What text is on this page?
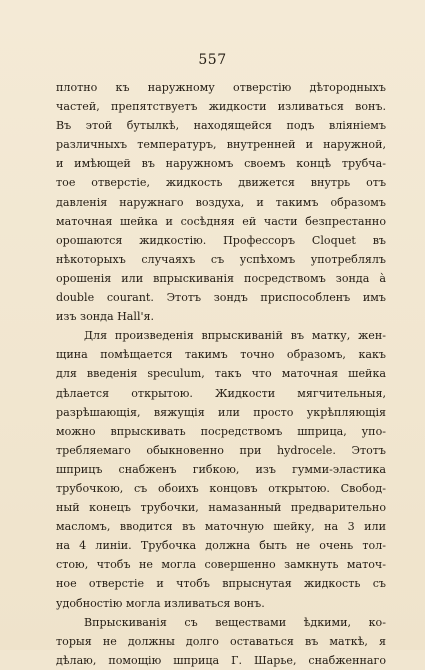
557
плотно къ наружному отверстію дѣтородныхъ
частей, препятствуетъ жидкости изливаться вонъ.
Въ этой бутылкѣ, находящейся подъ вліяніемъ
различныхъ температуръ, внутренней и наружной,
и имѣющей въ наружномъ своемъ концѣ трубча-
тое отверстіе, жидкость движется внутрь отъ
давленія наружнаго воздуха, и такимъ образомъ
маточная шейка и сосѣдняя ей части безпрестанно
орошаются жидкостію. Профессоръ Cloquet въ
нѣкоторыхъ случаяхъ съ успѣхомъ употреблялъ
орошенія или впрыскиванія посредствомъ зонда à
double courant. Этотъ зондъ приспособленъ имъ
изъ зонда Hall'я.
Для произведенія впрыскиваній въ матку, жен-
щина помѣщается такимъ точно образомъ, какъ
для введенія speculum, такъ что маточная шейка
дѣлается открытою. Жидкости мягчительныя,
разрѣшающія, вяжущія или просто укрѣпляющія
можно впрыскивать посредствомъ шприца, упо-
требляемаго обыкновенно при hydrocele. Этотъ
шприцъ снабженъ гибкою, изъ гумми-эластика
трубочкою, съ обоихъ концовъ открытою. Свобод-
ный конецъ трубочки, намазанный предварительно
масломъ, вводится въ маточную шейку, на 3 или
на 4 линіи. Трубочка должна быть не очень тол-
стою, чтобъ не могла совершенно замкнуть маточ-
ное отверстіе и чтобъ впрыснутая жидкость съ
удобностію могла изливаться вонъ.
Впрыскиванія съ веществами ѣдкими, ко-
торыя не должны долго оставаться въ маткѣ, я
дѣлаю, помощію шприца Г. Шарье, снабженнаго
